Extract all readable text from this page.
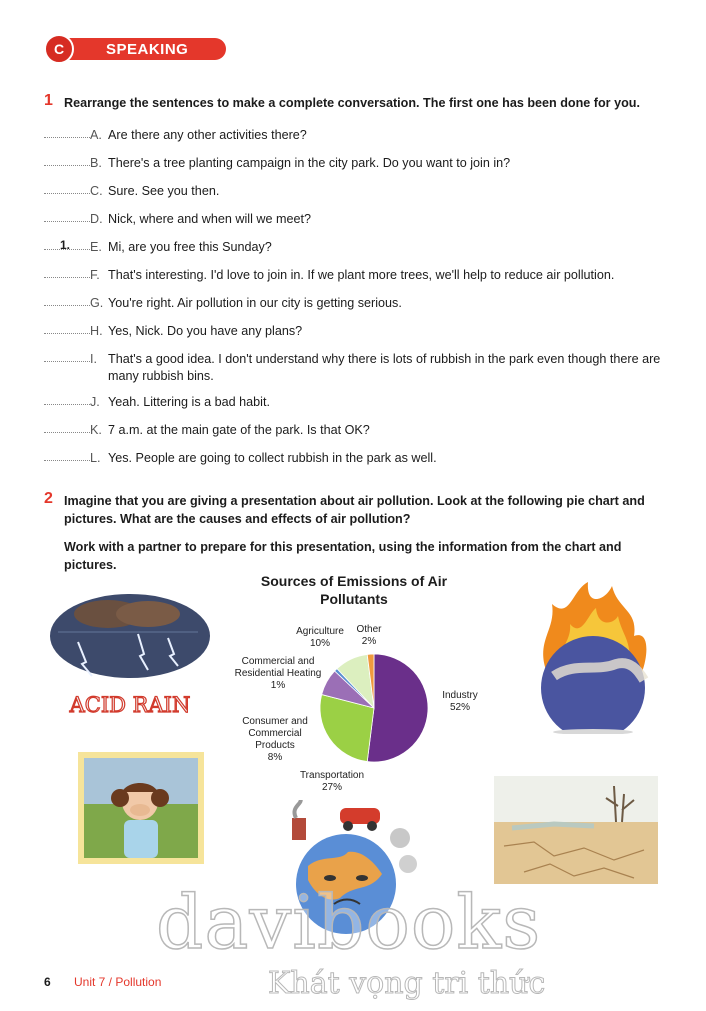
C	SPEAKING
1 Rearrange the sentences to make a complete conversation. The first one has been done for you.
A. Are there any other activities there?
B. There's a tree planting campaign in the city park. Do you want to join in?
C. Sure. See you then.
D. Nick, where and when will we meet?
1. E. Mi, are you free this Sunday?
F. That's interesting. I'd love to join in. If we plant more trees, we'll help to reduce air pollution.
G. You're right. Air pollution in our city is getting serious.
H. Yes, Nick. Do you have any plans?
I. That's a good idea. I don't understand why there is lots of rubbish in the park even though there are many rubbish bins.
J. Yeah. Littering is a bad habit.
K. 7 a.m. at the main gate of the park. Is that OK?
L. Yes. People are going to collect rubbish in the park as well.
2 Imagine that you are giving a presentation about air pollution. Look at the following pie chart and pictures. What are the causes and effects of air pollution?
Work with a partner to prepare for this presentation, using the information from the chart and pictures.
ACID RAIN
Sources of Emissions of Air Pollutants
Agriculture
10%
Other
2%
Commercial and Residential Heating
1%
Consumer and Commercial Products
8%
Transportation
27%
Industry
52%
davibooks
Khát vọng tri thức
6 Unit 7 / Pollution
